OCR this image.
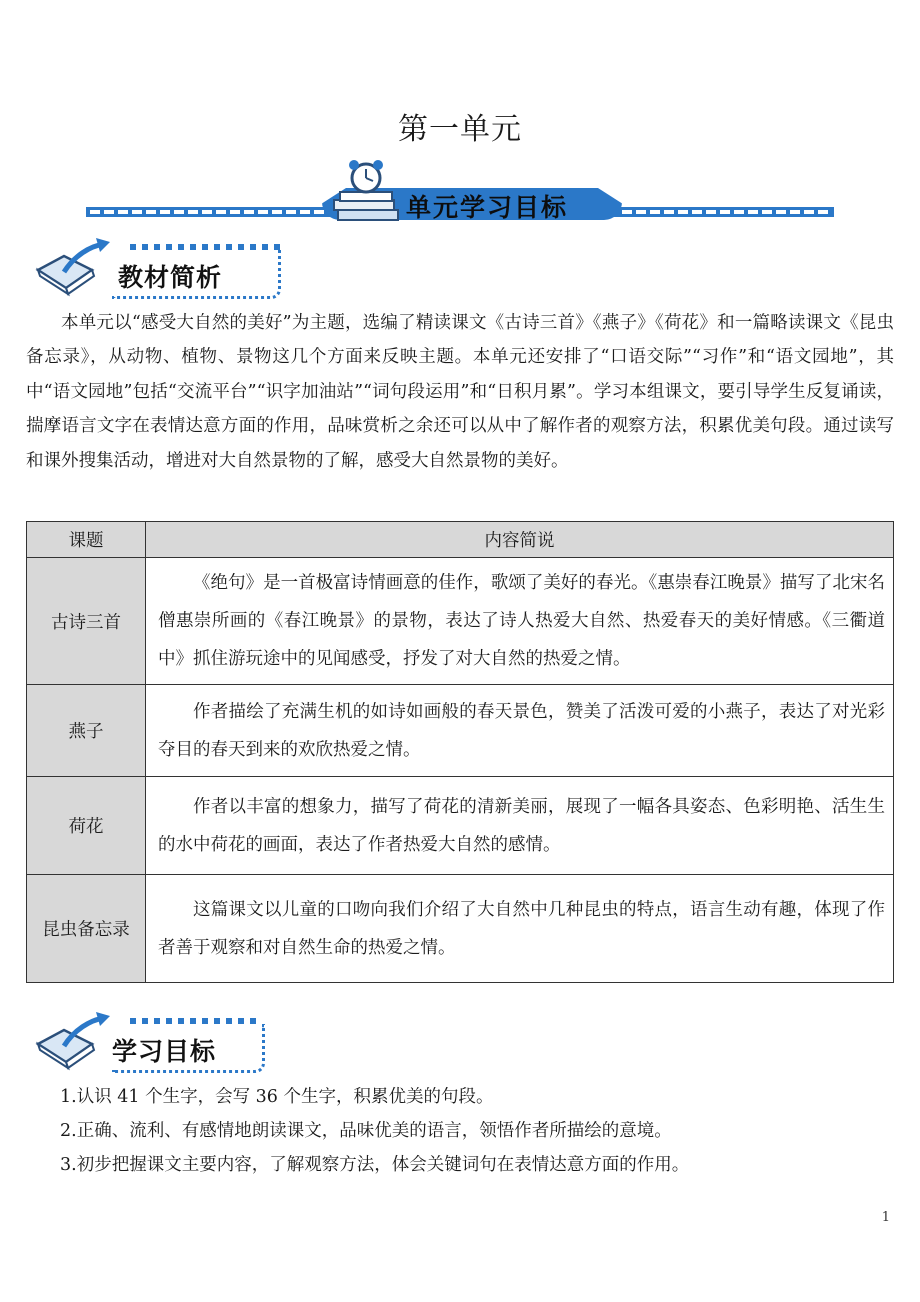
第一单元
单元学习目标
教材简析
本单元以“感受大自然的美好”为主题，选编了精读课文《古诗三首》《燕子》《荷花》和一篇略读课文《昆虫备忘录》，从动物、植物、景物这几个方面来反映主题。本单元还安排了“口语交际”“习作”和“语文园地”，其中“语文园地”包括“交流平台”“识字加油站”“词句段运用”和“日积月累”。学习本组课文，要引导学生反复诵读，揣摩语言文字在表情达意方面的作用，品味赏析之余还可以从中了解作者的观察方法，积累优美句段。通过读写和课外搜集活动，增进对大自然景物的了解，感受大自然景物的美好。
课题	内容简说
古诗三首	《绝句》是一首极富诗情画意的佳作，歌颂了美好的春光。《惠崇春江晚景》描写了北宋名僧惠崇所画的《春江晚景》的景物，表达了诗人热爱大自然、热爱春天的美好情感。《三衢道中》抓住游玩途中的见闻感受，抒发了对大自然的热爱之情。
燕子	作者描绘了充满生机的如诗如画般的春天景色，赞美了活泼可爱的小燕子，表达了对光彩夺目的春天到来的欢欣热爱之情。
荷花	作者以丰富的想象力，描写了荷花的清新美丽，展现了一幅各具姿态、色彩明艳、活生生的水中荷花的画面，表达了作者热爱大自然的感情。
昆虫备忘录	这篇课文以儿童的口吻向我们介绍了大自然中几种昆虫的特点，语言生动有趣，体现了作者善于观察和对自然生命的热爱之情。
学习目标
1.认识 41 个生字，会写 36 个生字，积累优美的句段。
2.正确、流利、有感情地朗读课文，品味优美的语言，领悟作者所描绘的意境。
3.初步把握课文主要内容，了解观察方法，体会关键词句在表情达意方面的作用。
1
